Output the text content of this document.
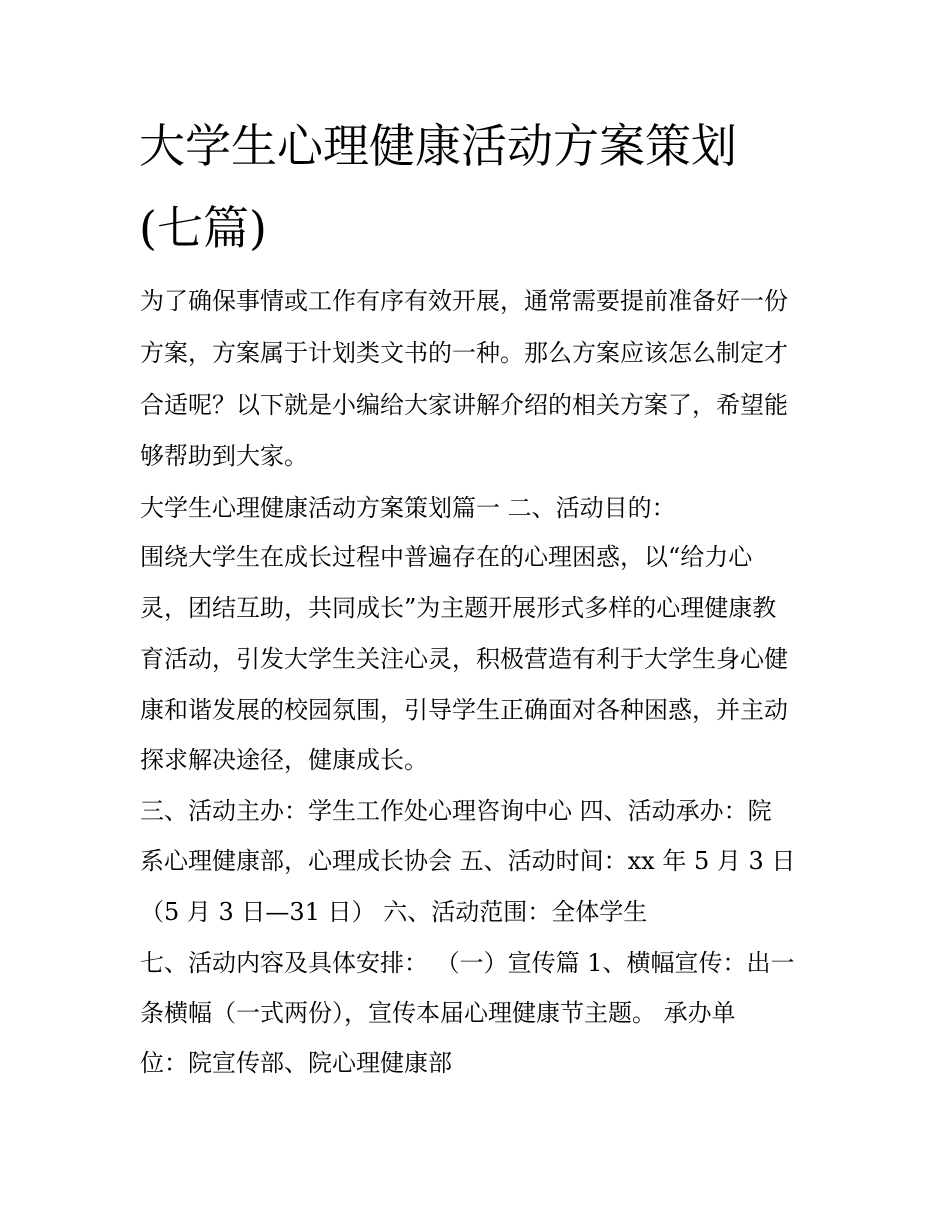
大学生心理健康活动方案策划
(七篇)
为了确保事情或工作有序有效开展，通常需要提前准备好一份
方案，方案属于计划类文书的一种。那么方案应该怎么制定才
合适呢？以下就是小编给大家讲解介绍的相关方案了，希望能
够帮助到大家。
大学生心理健康活动方案策划篇一 二、活动目的：
围绕大学生在成长过程中普遍存在的心理困惑，以“给力心
灵，团结互助，共同成长”为主题开展形式多样的心理健康教
育活动，引发大学生关注心灵，积极营造有利于大学生身心健
康和谐发展的校园氛围，引导学生正确面对各种困惑，并主动
探求解决途径，健康成长。
三、活动主办：学生工作处心理咨询中心 四、活动承办：院
系心理健康部，心理成长协会 五、活动时间：xx 年 5 月 3 日
（5 月 3 日—31 日） 六、活动范围：全体学生
七、活动内容及具体安排： （一）宣传篇 1、横幅宣传：出一
条横幅（一式两份），宣传本届心理健康节主题。 承办单
位：院宣传部、院心理健康部
